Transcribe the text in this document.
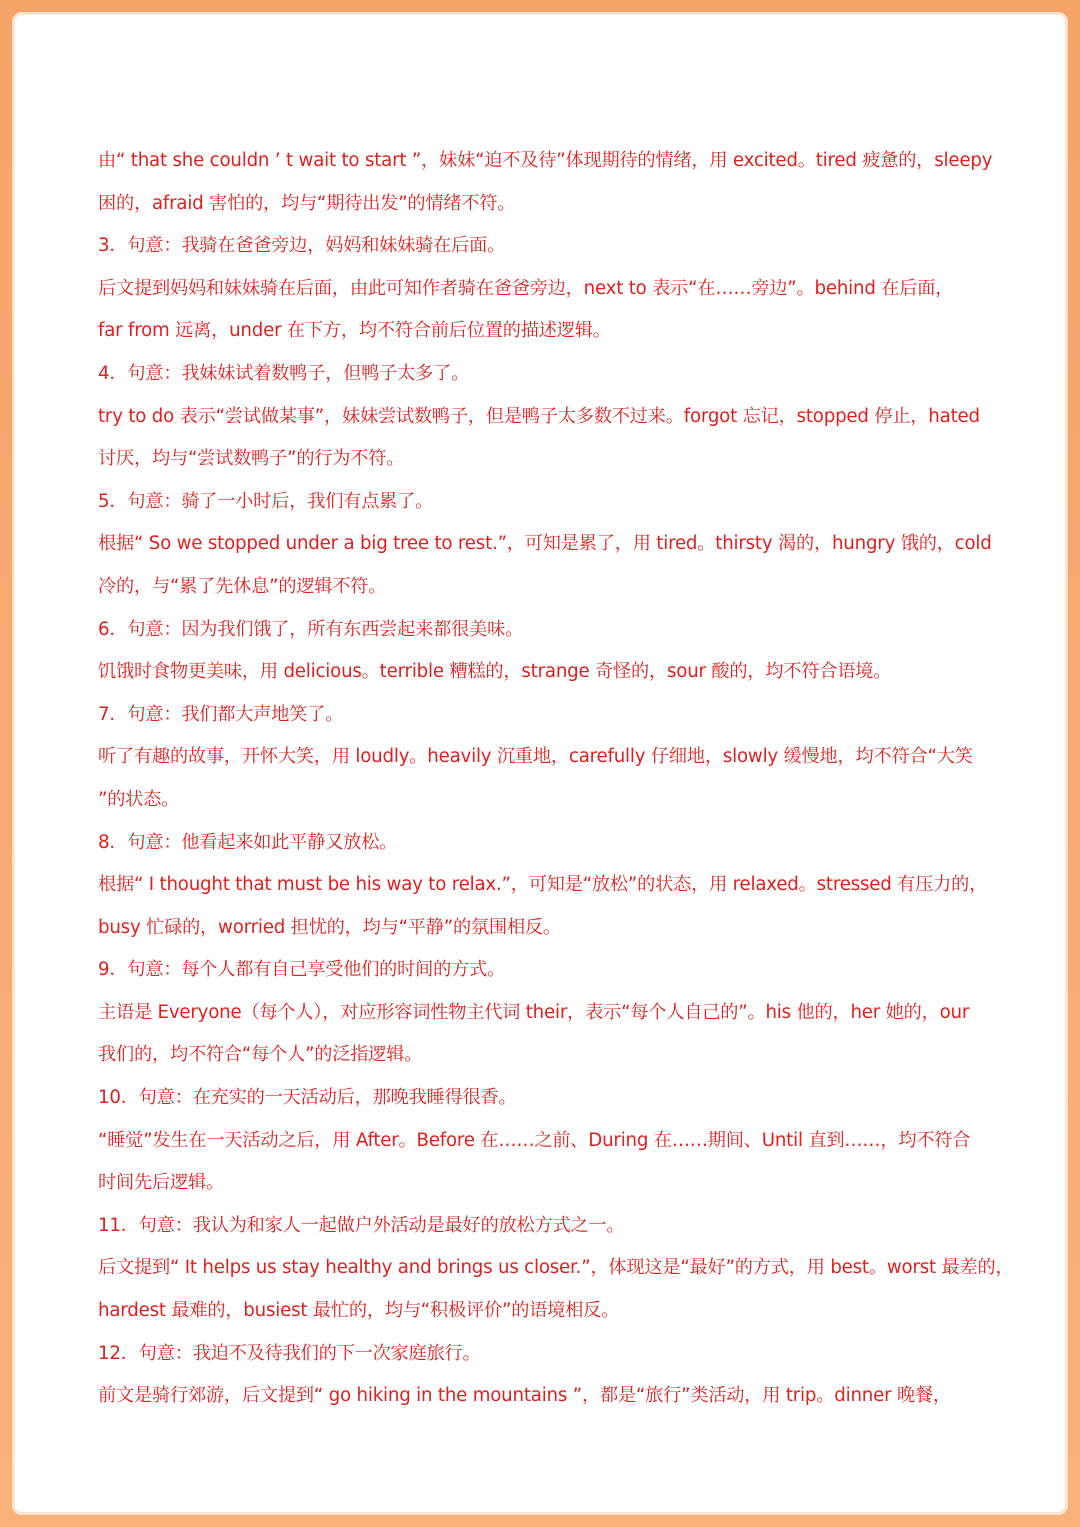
由“ that she couldn ’ t wait to start ”，妹妹“迫不及待”体现期待的情绪，用 excited。tired 疲惫的，sleepy
困的，afraid 害怕的，均与“期待出发”的情绪不符。
3．句意：我骑在爸爸旁边，妈妈和妹妹骑在后面。
后文提到妈妈和妹妹骑在后面，由此可知作者骑在爸爸旁边，next to 表示“在……旁边”。behind 在后面，
far from 远离，under 在下方，均不符合前后位置的描述逻辑。
4．句意：我妹妹试着数鸭子，但鸭子太多了。
try to do 表示“尝试做某事”，妹妹尝试数鸭子，但是鸭子太多数不过来。forgot 忘记，stopped 停止，hated
讨厌，均与“尝试数鸭子”的行为不符。
5．句意：骑了一小时后，我们有点累了。
根据“ So we stopped under a big tree to rest.”，可知是累了，用 tired。thirsty 渴的，hungry 饿的，cold
冷的，与“累了先休息”的逻辑不符。
6．句意：因为我们饿了，所有东西尝起来都很美味。
饥饿时食物更美味，用 delicious。terrible 糟糕的，strange 奇怪的，sour 酸的，均不符合语境。
7．句意：我们都大声地笑了。
听了有趣的故事，开怀大笑，用 loudly。heavily 沉重地，carefully 仔细地，slowly 缓慢地，均不符合“大笑
”的状态。
8．句意：他看起来如此平静又放松。
根据“ I thought that must be his way to relax.”，可知是“放松”的状态，用 relaxed。stressed 有压力的，
busy 忙碌的，worried 担忧的，均与“平静”的氛围相反。
9．句意：每个人都有自己享受他们的时间的方式。
主语是 Everyone（每个人），对应形容词性物主代词 their，表示“每个人自己的”。his 他的，her 她的，our
我们的，均不符合“每个人”的泛指逻辑。
10．句意：在充实的一天活动后，那晚我睡得很香。
“睡觉”发生在一天活动之后，用 After。Before 在……之前、During 在……期间、Until 直到……，均不符合
时间先后逻辑。
11．句意：我认为和家人一起做户外活动是最好的放松方式之一。
后文提到“ It helps us stay healthy and brings us closer.”，体现这是“最好”的方式，用 best。worst 最差的，
hardest 最难的，busiest 最忙的，均与“积极评价”的语境相反。
12．句意：我迫不及待我们的下一次家庭旅行。
前文是骑行郊游，后文提到“ go hiking in the mountains ”，都是“旅行”类活动，用 trip。dinner 晚餐，
